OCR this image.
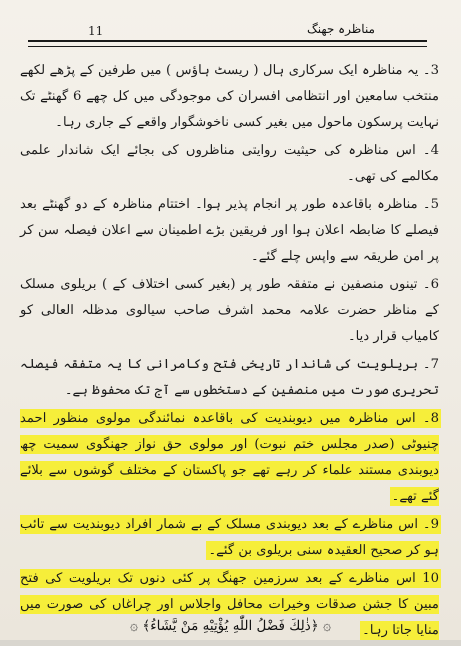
11	مناظرہ جھنگ

3۔ یہ مناظرہ ایک سرکاری ہال ( ریسٹ ہاؤس ) میں طرفین کے پڑھے لکھے منتخب سامعین اور انتظامی افسران کی موجودگی میں کل چھے 6 گھنٹے تک نہایت پرسکون ماحول میں بغیر کسی ناخوشگوار واقعے کے جاری رہا۔

4۔ اس مناظرہ کی حیثیت روایتی مناظروں کی بجائے ایک شاندار علمی مکالمے کی تھی۔

5۔ مناظرہ باقاعدہ طور پر انجام پذیر ہوا۔ اختتام مناظرہ کے دو گھنٹے بعد فیصلے کا ضابطہ اعلان ہوا اور فریقین بڑے اطمینان سے اعلان فیصلہ سن کر پر امن طریقہ سے واپس چلے گئے۔

6۔ تینوں منصفین نے متفقہ طور پر (بغیر کسی اختلاف کے ) بریلوی مسلک کے مناظر حضرت علامہ محمد اشرف صاحب سیالوی مدظلہ العالی کو کامیاب قرار دیا۔

7۔ بریلویت کی شاندار تاریخی فتح وکامرانی کا یہ متفقہ فیصلہ تحریری صورت میں منصفین کے دستخطوں سے آج تک محفوظ ہے۔

8۔ اس مناظرہ میں دیوبندیت کی باقاعدہ نمائندگی مولوی منظور احمد چنیوٹی (صدر مجلس ختم نبوت) اور مولوی حق نواز جھنگوی سمیت چھ دیوبندی مستند علماء کر رہے تھے جو پاکستان کے مختلف گوشوں سے بلائے گئے تھے۔

9۔ اس مناظرے کے بعد دیوبندی مسلک کے بے شمار افراد دیوبندیت سے تائب ہو کر صحیح العقیدہ سنی بریلوی بن گئے۔

10 اس مناظرے کے بعد سرزمین جھنگ پر کئی دنوں تک بریلویت کی فتح مبین کا جشن صدقات وخیرات محافل واجلاس اور چراغاں کی صورت میں منایا جاتا رہا۔

۞ ﴿ذٰلِكَ فَضْلُ اللّٰهِ يُؤْتِيْهِ مَنْ يَّشَاءُ﴾ ۞
